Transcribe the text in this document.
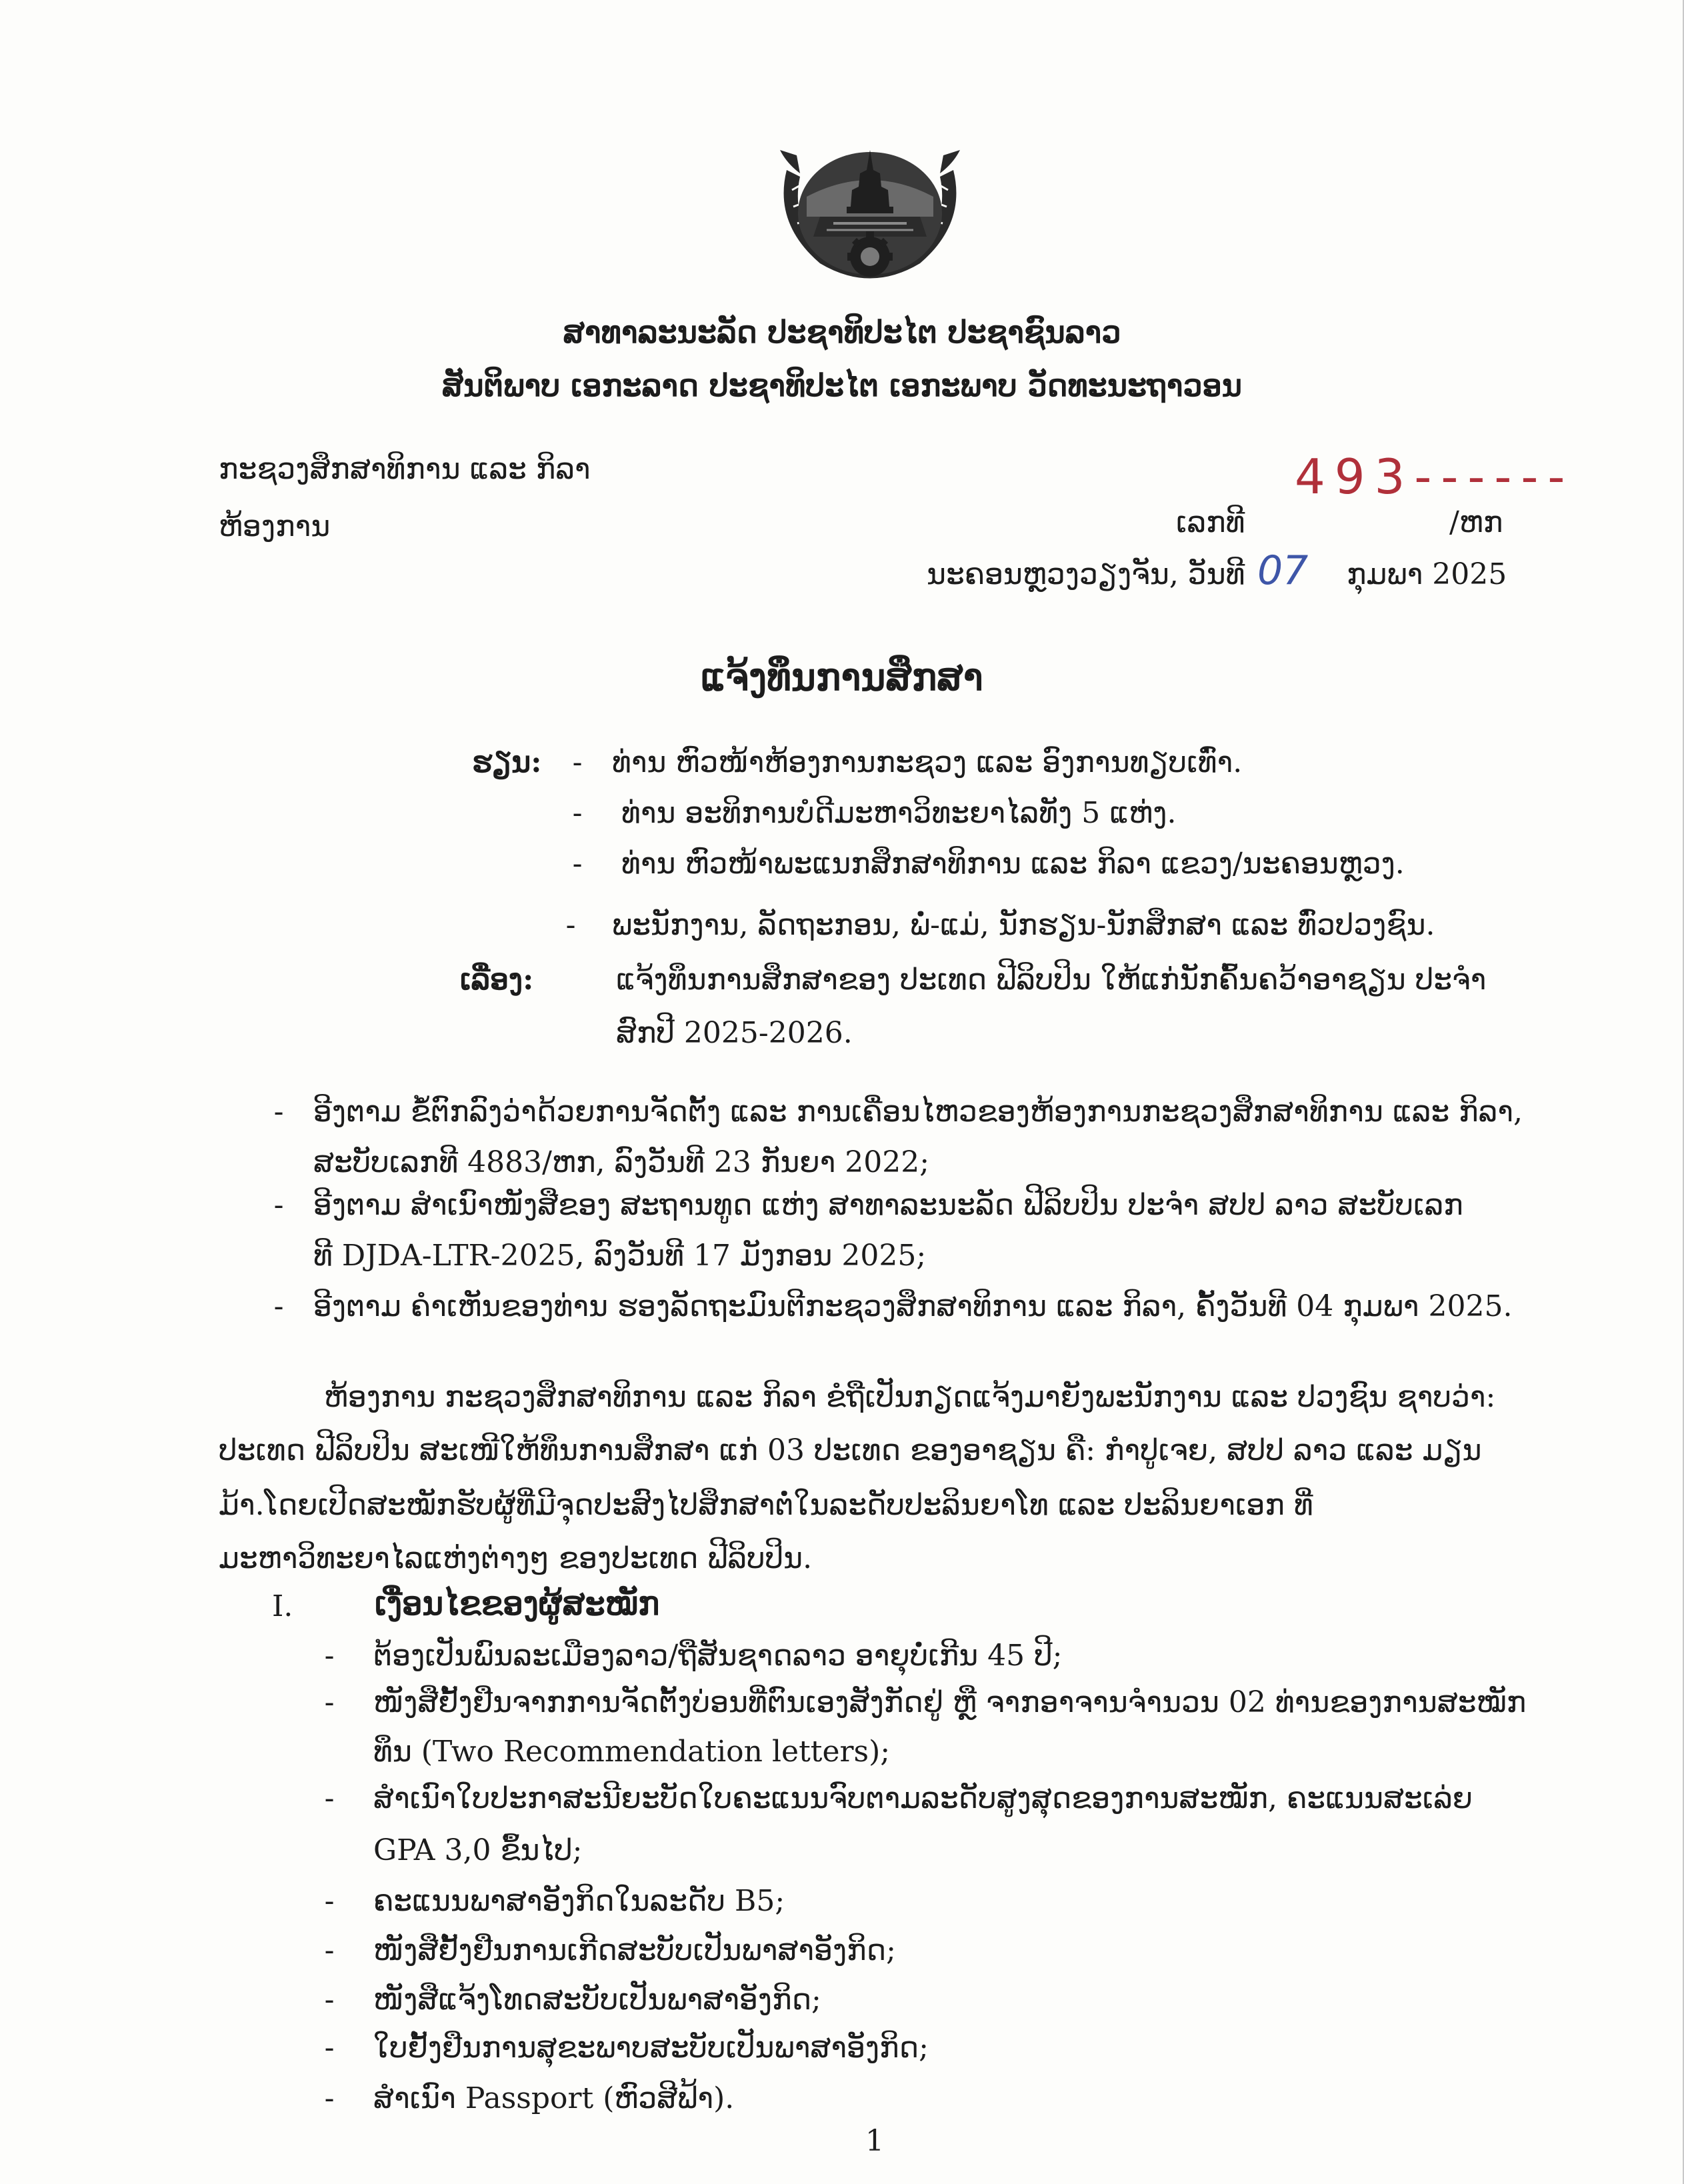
ສາທາລະນະລັດ ປະຊາທິປະໄຕ ປະຊາຊົນລາວ
ສັນຕິພາບ ເອກະລາດ ປະຊາທິປະໄຕ ເອກະພາບ ວັດທະນະຖາວອນ
ກະຊວງສຶກສາທິການ ແລະ ກິລາ
ຫ້ອງການ
493------
ເລກທີ	/ຫກ
ນະຄອນຫຼວງວຽງຈັນ, ວັນທີ 07 ກຸມພາ 2025
ແຈ້ງທຶນການສຶກສາ
ຮຽນ: - ທ່ານ ຫົວໜ້າຫ້ອງການກະຊວງ ແລະ ອົງການທຽບເທົ່າ.
- ທ່ານ ອະທິການບໍດີມະຫາວິທະຍາໄລທັງ 5 ແຫ່ງ.
- ທ່ານ ຫົວໜ້າພະແນກສຶກສາທິການ ແລະ ກິລາ ແຂວງ/ນະຄອນຫຼວງ.
- ພະນັກງານ, ລັດຖະກອນ, ພໍ່-ແມ່, ນັກຮຽນ-ນັກສຶກສາ ແລະ ທົ່ວປວງຊົນ.
ເລື່ອງ:	ແຈ້ງທຶນການສຶກສາຂອງ ປະເທດ ຟີລິບປິນ ໃຫ້ແກ່ນັກຄົ້ນຄວ້າອາຊຽນ ປະຈໍາ
ສົກປີ 2025-2026.
- ອີງຕາມ ຂໍ້ຕົກລົງວ່າດ້ວຍການຈັດຕັ້ງ ແລະ ການເຄື່ອນໄຫວຂອງຫ້ອງການກະຊວງສຶກສາທິການ ແລະ ກິລາ,
ສະບັບເລກທີ 4883/ຫກ, ລົງວັນທີ 23 ກັນຍາ 2022;
- ອີງຕາມ ສຳເນົາໜັງສືຂອງ ສະຖານທູດ ແຫ່ງ ສາທາລະນະລັດ ຟີລິບປິນ ປະຈຳ ສປປ ລາວ ສະບັບເລກ
ທີ DJDA-LTR-2025, ລົງວັນທີ 17 ມັງກອນ 2025;
- ອີງຕາມ ຄຳເຫັນຂອງທ່ານ ຮອງລັດຖະມົນຕີກະຊວງສຶກສາທິການ ແລະ ກິລາ, ຄັ້ງວັນທີ 04 ກຸມພາ 2025.
ຫ້ອງການ ກະຊວງສຶກສາທິການ ແລະ ກິລາ ຂໍຖືເປັນກຽດແຈ້ງມາຍັງພະນັກງານ ແລະ ປວງຊົນ ຊາບວ່າ:
ປະເທດ ຟີລິບປິນ ສະເໜີໃຫ້ທຶນການສຶກສາ ແກ່ 03 ປະເທດ ຂອງອາຊຽນ ຄື: ກຳປູເຈຍ, ສປປ ລາວ ແລະ ມຽນ
ມ້າ.ໂດຍເປີດສະໝັກຮັບຜູ້ທີ່ມີຈຸດປະສົງໄປສຶກສາຕໍ່ໃນລະດັບປະລິນຍາໂທ ແລະ ປະລິນຍາເອກ ທີ່
ມະຫາວິທະຍາໄລແຫ່ງຕ່າງໆ ຂອງປະເທດ ຟີລິບປິນ.
I.	ເງື່ອນໄຂຂອງຜູ້ສະໝັກ
- ຕ້ອງເປັນພົນລະເມືອງລາວ/ຖືສັນຊາດລາວ ອາຍຸບໍ່ເກີນ 45 ປີ;
- ໜັງສືຢັ້ງຢືນຈາກການຈັດຕັ້ງບ່ອນທີ່ຕົນເອງສັງກັດຢູ່ ຫຼື ຈາກອາຈານຈຳນວນ 02 ທ່ານຂອງການສະໝັກ
ທຶນ (Two Recommendation letters);
- ສຳເນົາໃບປະກາສະນີຍະບັດໃບຄະແນນຈົບຕາມລະດັບສູງສຸດຂອງການສະໝັກ, ຄະແນນສະເລ່ຍ
GPA 3,0 ຂຶ້ນໄປ;
- ຄະແນນພາສາອັງກິດໃນລະດັບ B5;
- ໜັງສືຢັ້ງຢືນການເກີດສະບັບເປັນພາສາອັງກິດ;
- ໜັງສືແຈ້ງໂທດສະບັບເປັນພາສາອັງກິດ;
- ໃບຢັ້ງຢືນການສຸຂະພາບສະບັບເປັນພາສາອັງກິດ;
- ສຳເນົາ Passport (ຫົວສີຟ້າ).
1
